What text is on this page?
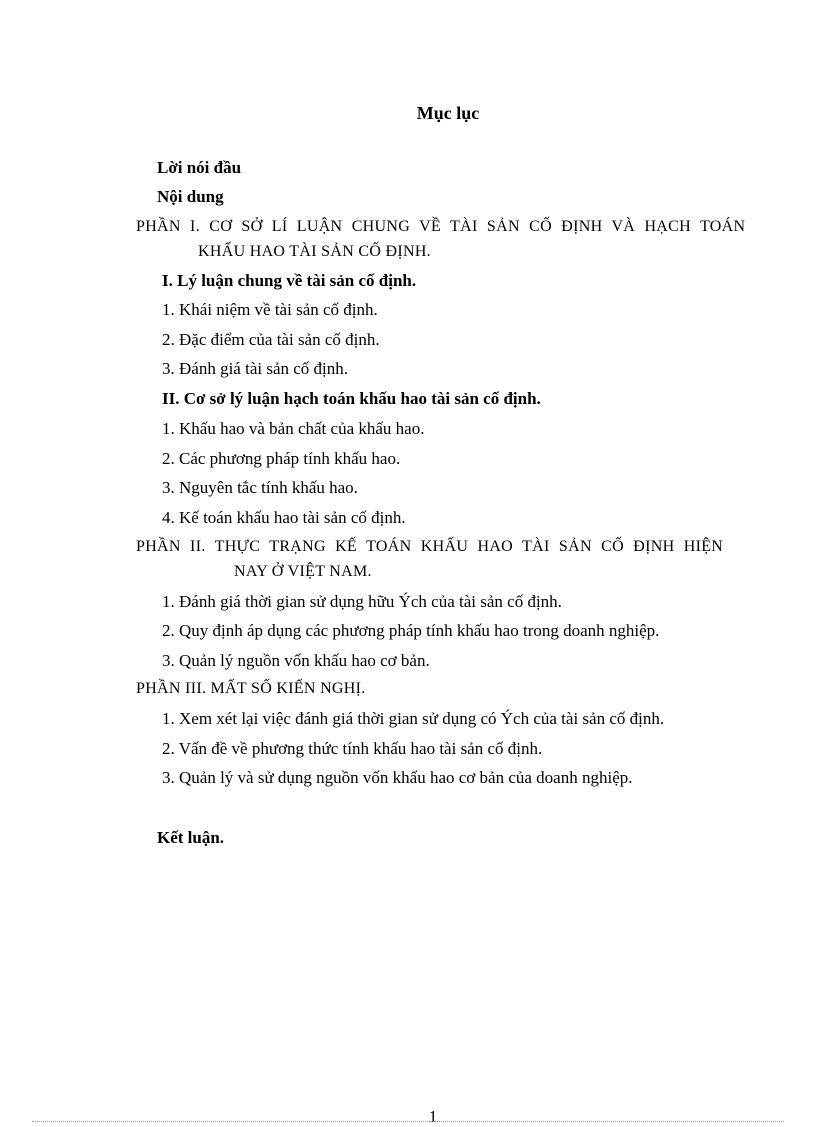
Mục lục
Lời nói đầu
Nội dung
PHẦN I. CƠ SỞ LÍ LUẬN CHUNG VỀ TÀI SẢN CỐ ĐỊNH VÀ HẠCH TOÁN
KHẤU HAO TÀI SẢN CỐ ĐỊNH.
I. Lý luận chung về tài sản cố định.
1. Khái niệm về tài sản cố định.
2. Đặc điểm của tài sản cố định.
3. Đánh giá tài sản cố định.
II. Cơ sở lý luận hạch toán khấu hao tài sản cố định.
1. Khấu hao và bản chất của khấu hao.
2. Các phương pháp tính khấu hao.
3. Nguyên tắc tính khấu hao.
4. Kế toán khấu hao tài sản cố định.
PHẦN II. THỰC TRẠNG KẾ TOÁN KHẤU HAO TÀI SẢN CỐ ĐỊNH HIỆN
NAY Ở VIỆT NAM.
1. Đánh giá thời gian sử dụng hữu Ých của tài sản cố định.
2. Quy định áp dụng các phương pháp tính khấu hao trong doanh nghiệp.
3. Quản lý nguồn vốn khấu hao cơ bản.
PHẦN III. MẤT SỐ KIẾN NGHỊ.
1. Xem xét lại việc đánh giá thời gian sử dụng có Ých của tài sản cố định.
2. Vấn đề về phương thức tính khấu hao tài sản cố định.
3. Quản lý và sử dụng nguồn vốn khấu hao cơ bản của doanh nghiệp.
Kết luận.
1
